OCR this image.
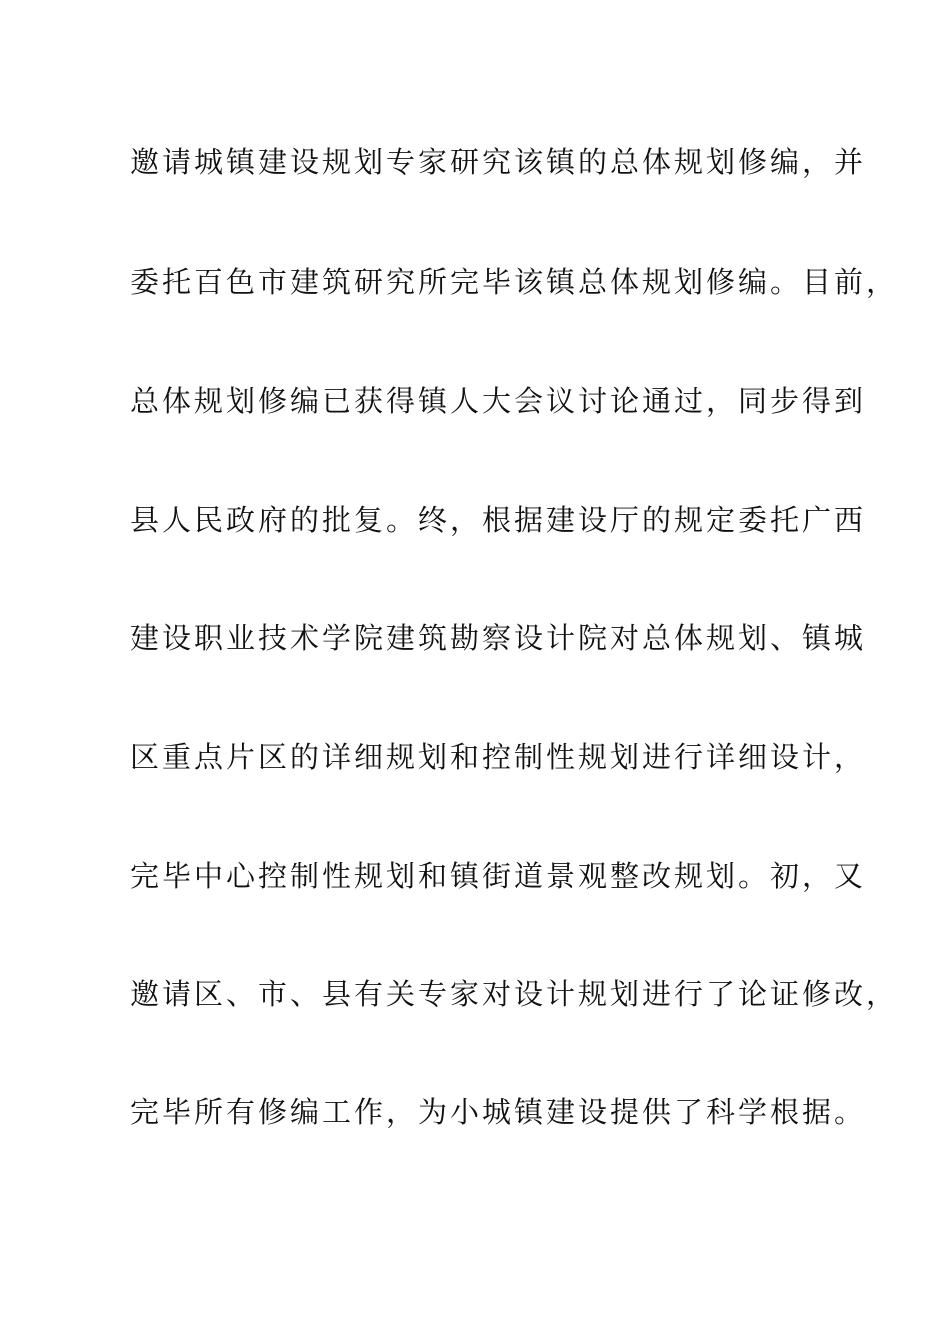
邀请城镇建设规划专家研究该镇的总体规划修编，并
委托百色市建筑研究所完毕该镇总体规划修编。目前，
总体规划修编已获得镇人大会议讨论通过，同步得到
县人民政府的批复。终，根据建设厅的规定委托广西
建设职业技术学院建筑勘察设计院对总体规划、镇城
区重点片区的详细规划和控制性规划进行详细设计，
完毕中心控制性规划和镇街道景观整改规划。初，又
邀请区、市、县有关专家对设计规划进行了论证修改，
完毕所有修编工作，为小城镇建设提供了科学根据。
